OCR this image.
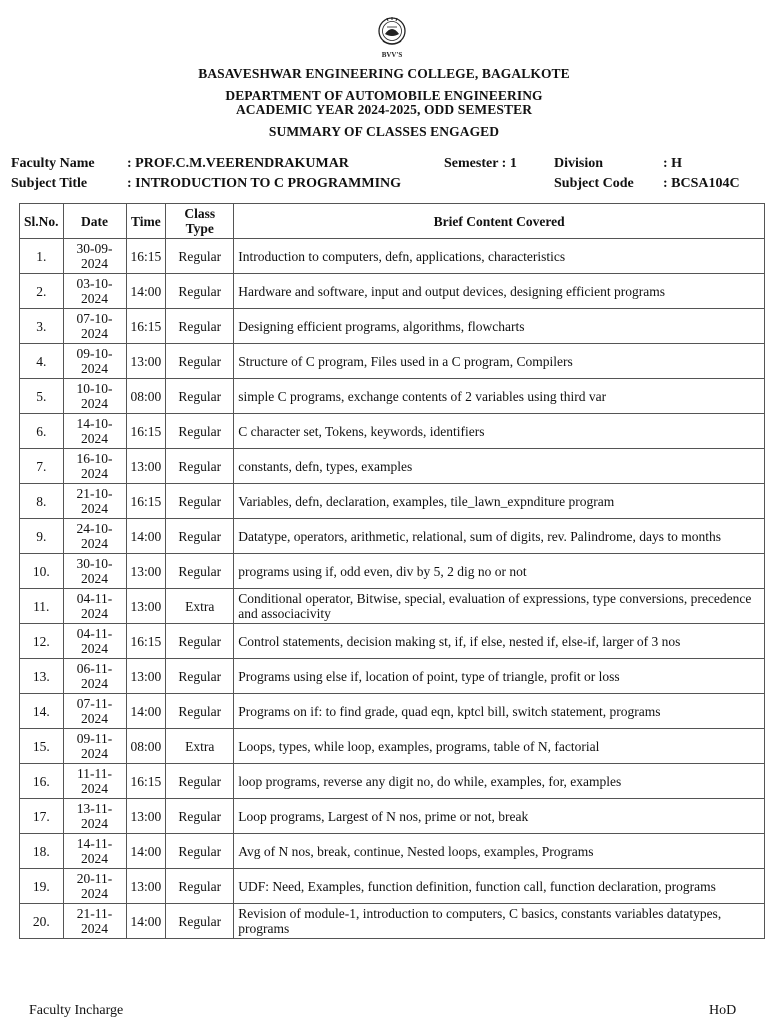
BVV'S
BASAVESHWAR ENGINEERING COLLEGE, BAGALKOTE
DEPARTMENT OF AUTOMOBILE ENGINEERING
ACADEMIC YEAR 2024-2025, ODD SEMESTER
SUMMARY OF CLASSES ENGAGED
Faculty Name : PROF.C.M.VEERENDRAKUMAR	Semester : 1	Division	: H
Subject Title	: INTRODUCTION TO C PROGRAMMING	Subject Code : BCSA104C
Sl.No.	Date	Time	Class Type	Brief Content Covered
1.	30-09-2024	16:15	Regular	Introduction to computers, defn, applications, characteristics
2.	03-10-2024	14:00	Regular	Hardware and software, input and output devices, designing efficient programs
3.	07-10-2024	16:15	Regular	Designing efficient programs, algorithms, flowcharts
4.	09-10-2024	13:00	Regular	Structure of C program, Files used in a C program, Compilers
5.	10-10-2024	08:00	Regular	simple C programs, exchange contents of 2 variables using third var
6.	14-10-2024	16:15	Regular	C character set, Tokens, keywords, identifiers
7.	16-10-2024	13:00	Regular	constants, defn, types, examples
8.	21-10-2024	16:15	Regular	Variables, defn, declaration, examples, tile_lawn_expnditure program
9.	24-10-2024	14:00	Regular	Datatype, operators, arithmetic, relational, sum of digits, rev. Palindrome, days to months
10.	30-10-2024	13:00	Regular	programs using if, odd even, div by 5, 2 dig no or not
11.	04-11-2024	13:00	Extra	Conditional operator, Bitwise, special, evaluation of expressions, type conversions, precedence and associacivity
12.	04-11-2024	16:15	Regular	Control statements, decision making st, if, if else, nested if, else-if, larger of 3 nos
13.	06-11-2024	13:00	Regular	Programs using else if, location of point, type of triangle, profit or loss
14.	07-11-2024	14:00	Regular	Programs on if: to find grade, quad eqn, kptcl bill, switch statement, programs
15.	09-11-2024	08:00	Extra	Loops, types, while loop, examples, programs, table of N, factorial
16.	11-11-2024	16:15	Regular	loop programs, reverse any digit no, do while, examples, for, examples
17.	13-11-2024	13:00	Regular	Loop programs, Largest of N nos, prime or not, break
18.	14-11-2024	14:00	Regular	Avg of N nos, break, continue, Nested loops, examples, Programs
19.	20-11-2024	13:00	Regular	UDF: Need, Examples, function definition, function call, function declaration, programs
20.	21-11-2024	14:00	Regular	Revision of module-1, introduction to computers, C basics, constants variables datatypes, programs
Faculty Incharge	HoD
